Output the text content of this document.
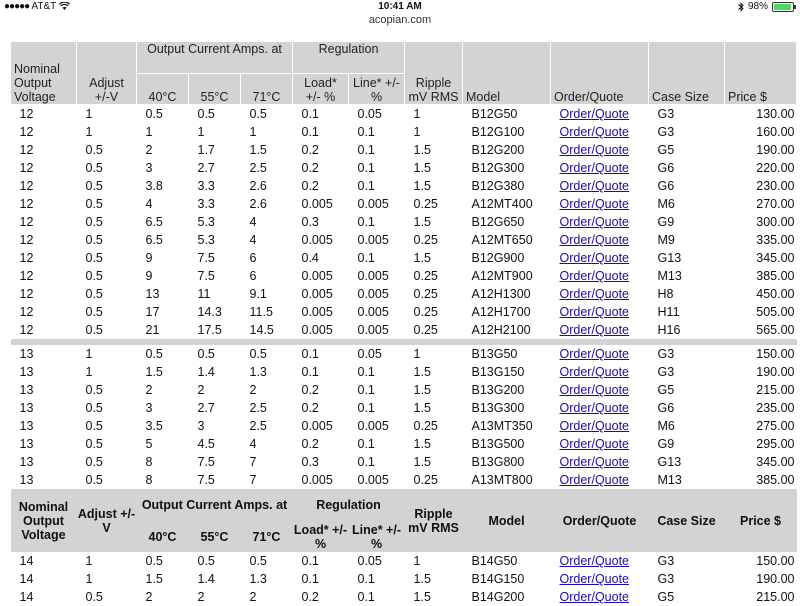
●●●●● AT&T	10:41 AM	98%
acopian.com
Nominal Output Voltage	Adjust +/-V	Output Current Amps. at			Regulation		Ripple mV RMS	Model	Order/Quote	Case Size	Price $
		40°C	55°C	71°C	Load* +/- %	Line* +/- %					
12	1	0.5	0.5	0.5	0.1	0.05	1	B12G50	Order/Quote	G3	130.00
12	1	1	1	1	0.1	0.1	1	B12G100	Order/Quote	G3	160.00
12	0.5	2	1.7	1.5	0.2	0.1	1.5	B12G200	Order/Quote	G5	190.00
12	0.5	3	2.7	2.5	0.2	0.1	1.5	B12G300	Order/Quote	G6	220.00
12	0.5	3.8	3.3	2.6	0.2	0.1	1.5	B12G380	Order/Quote	G6	230.00
12	0.5	4	3.3	2.6	0.005	0.005	0.25	A12MT400	Order/Quote	M6	270.00
12	0.5	6.5	5.3	4	0.3	0.1	1.5	B12G650	Order/Quote	G9	300.00
12	0.5	6.5	5.3	4	0.005	0.005	0.25	A12MT650	Order/Quote	M9	335.00
12	0.5	9	7.5	6	0.4	0.1	1.5	B12G900	Order/Quote	G13	345.00
12	0.5	9	7.5	6	0.005	0.005	0.25	A12MT900	Order/Quote	M13	385.00
12	0.5	13	11	9.1	0.005	0.005	0.25	A12H1300	Order/Quote	H8	450.00
12	0.5	17	14.3	11.5	0.005	0.005	0.25	A12H1700	Order/Quote	H11	505.00
12	0.5	21	17.5	14.5	0.005	0.005	0.25	A12H2100	Order/Quote	H16	565.00

13	1	0.5	0.5	0.5	0.1	0.05	1	B13G50	Order/Quote	G3	150.00
13	1	1.5	1.4	1.3	0.1	0.1	1.5	B13G150	Order/Quote	G3	190.00
13	0.5	2	2	2	0.2	0.1	1.5	B13G200	Order/Quote	G5	215.00
13	0.5	3	2.7	2.5	0.2	0.1	1.5	B13G300	Order/Quote	G6	235.00
13	0.5	3.5	3	2.5	0.005	0.005	0.25	A13MT350	Order/Quote	M6	275.00
13	0.5	5	4.5	4	0.2	0.1	1.5	B13G500	Order/Quote	G9	295.00
13	0.5	8	7.5	7	0.3	0.1	1.5	B13G800	Order/Quote	G13	345.00
13	0.5	8	7.5	7	0.005	0.005	0.25	A13MT800	Order/Quote	M13	385.00
Nominal Output Voltage	Adjust +/-V	Output Current Amps. at			Regulation		Ripple mV RMS	Model	Order/Quote	Case Size	Price $
		40°C	55°C	71°C	Load* +/- %	Line* +/- %					
14	1	0.5	0.5	0.5	0.1	0.05	1	B14G50	Order/Quote	G3	150.00
14	1	1.5	1.4	1.3	0.1	0.1	1.5	B14G150	Order/Quote	G3	190.00
14	0.5	2	2	2	0.2	0.1	1.5	B14G200	Order/Quote	G5	215.00
